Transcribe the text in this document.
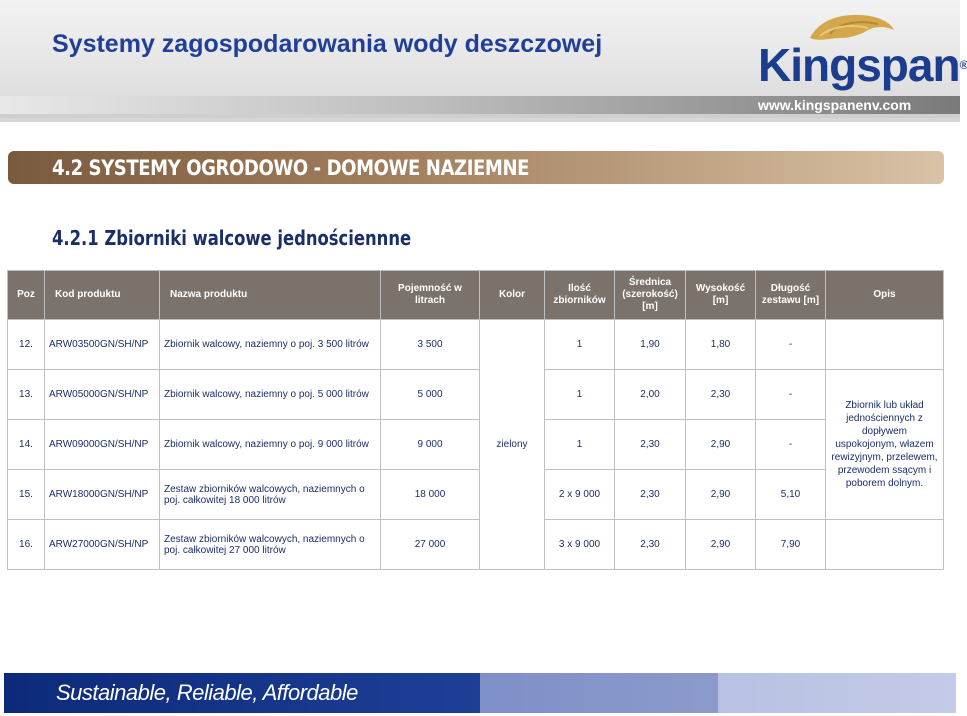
Systemy zagospodarowania wody deszczowej	Kingspan®
www.kingspanenv.com
4.2 SYSTEMY OGRODOWO - DOMOWE NAZIEMNE
4.2.1 Zbiorniki walcowe jednościennne
Poz	Kod produktu	Nazwa produktu	Pojemność w litrach	Kolor	Ilość zbiorników	Średnica (szerokość) [m]	Wysokość [m]	Długość zestawu [m]	Opis
12.	ARW03500GN/SH/NP	Zbiornik walcowy, naziemny o poj. 3 500 litrów	3 500	zielony	1	1,90	1,80	-	
13.	ARW05000GN/SH/NP	Zbiornik walcowy, naziemny o poj. 5 000 litrów	5 000		1	2,00	2,30	-	Zbiornik lub układ jednościennych z dopływem uspokojonym, włazem rewizyjnym, przelewem, przewodem ssącym i poborem dolnym.
14.	ARW09000GN/SH/NP	Zbiornik walcowy, naziemny o poj. 9 000 litrów	9 000		1	2,30	2,90	-	
15.	ARW18000GN/SH/NP	Zestaw zbiorników walcowych, naziemnych o poj. całkowitej 18 000 litrów	18 000		2 x 9 000	2,30	2,90	5,10	
16.	ARW27000GN/SH/NP	Zestaw zbiorników walcowych, naziemnych o poj. całkowitej 27 000 litrów	27 000		3 x 9 000	2,30	2,90	7,90	
Sustainable, Reliable, Affordable
